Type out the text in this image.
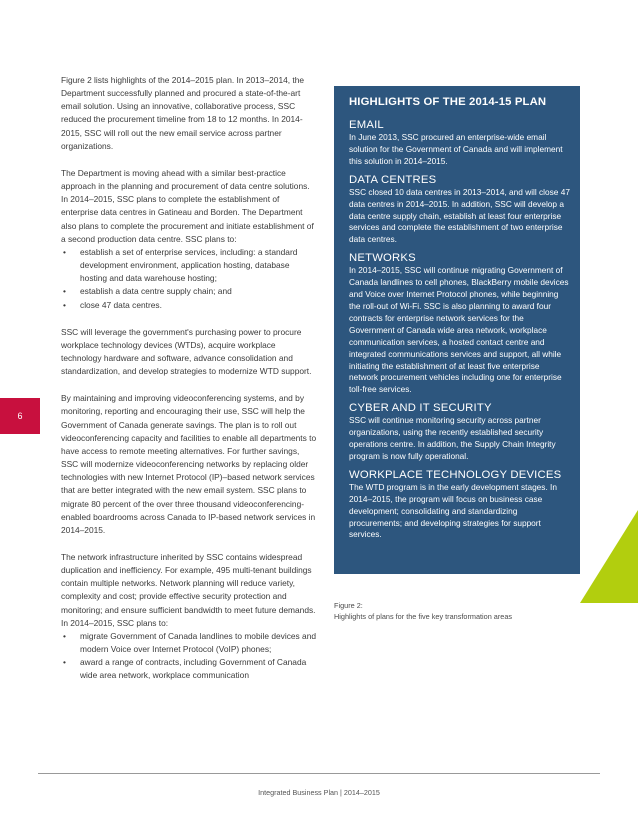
6

Figure 2 lists highlights of the 2014–2015 plan. In 2013–2014, the Department successfully planned and procured a state-of-the-art email solution. Using an innovative, collaborative process, SSC reduced the procurement timeline from 18 to 12 months. In 2014-2015, SSC will roll out the new email service across partner organizations.

The Department is moving ahead with a similar best-practice approach in the planning and procurement of data centre solutions. In 2014–2015, SSC plans to complete the establishment of enterprise data centres in Gatineau and Borden. The Department also plans to complete the procurement and initiate establishment of a second production data centre. SSC plans to:

• establish a set of enterprise services, including: a standard development environment, application hosting, database hosting and data warehouse hosting;
• establish a data centre supply chain; and
• close 47 data centres.

SSC will leverage the government's purchasing power to procure workplace technology devices (WTDs), acquire workplace technology hardware and software, advance consolidation and standardization, and develop strategies to modernize WTD support.

By maintaining and improving videoconferencing systems, and by monitoring, reporting and encouraging their use, SSC will help the Government of Canada generate savings. The plan is to roll out videoconferencing capacity and facilities to enable all departments to have access to remote meeting alternatives. For further savings, SSC will modernize videoconferencing networks by replacing older technologies with new Internet Protocol (IP)–based network services that are better integrated with the new email system. SSC plans to migrate 80 percent of the over three thousand videoconferencing-enabled boardrooms across Canada to IP-based network services in 2014–2015.

The network infrastructure inherited by SSC contains widespread duplication and inefficiency. For example, 495 multi-tenant buildings contain multiple networks. Network planning will reduce variety, complexity and cost; provide effective security protection and monitoring; and ensure sufficient bandwidth to meet future demands. In 2014–2015, SSC plans to:

• migrate Government of Canada landlines to mobile devices and modern Voice over Internet Protocol (VoIP) phones;
• award a range of contracts, including Government of Canada wide area network, workplace communication
HIGHLIGHTS OF THE 2014-15 PLAN
EMAIL
In June 2013, SSC procured an enterprise-wide email solution for the Government of Canada and will implement this solution in 2014–2015.
DATA CENTRES
SSC closed 10 data centres in 2013–2014, and will close 47 data centres in 2014–2015. In addition, SSC will develop a data centre supply chain, establish at least four enterprise services and complete the establishment of two enterprise data centres.
NETWORKS
In 2014–2015, SSC will continue migrating Government of Canada landlines to cell phones, BlackBerry mobile devices and Voice over Internet Protocol phones, while beginning the roll-out of Wi-Fi. SSC is also planning to award four contracts for enterprise network services for the Government of Canada wide area network, workplace communication services, a hosted contact centre and integrated communications services and support, all while initiating the establishment of at least five enterprise network procurement vehicles including one for enterprise toll-free services.
CYBER AND IT SECURITY
SSC will continue monitoring security across partner organizations, using the recently established security operations centre. In addition, the Supply Chain Integrity program is now fully operational.
WORKPLACE TECHNOLOGY DEVICES
The WTD program is in the early development stages. In 2014–2015, the program will focus on business case development; consolidating and standardizing procurements; and developing strategies for support services.
Figure 2:
Highlights of plans for the five key transformation areas
Integrated Business Plan | 2014–2015
